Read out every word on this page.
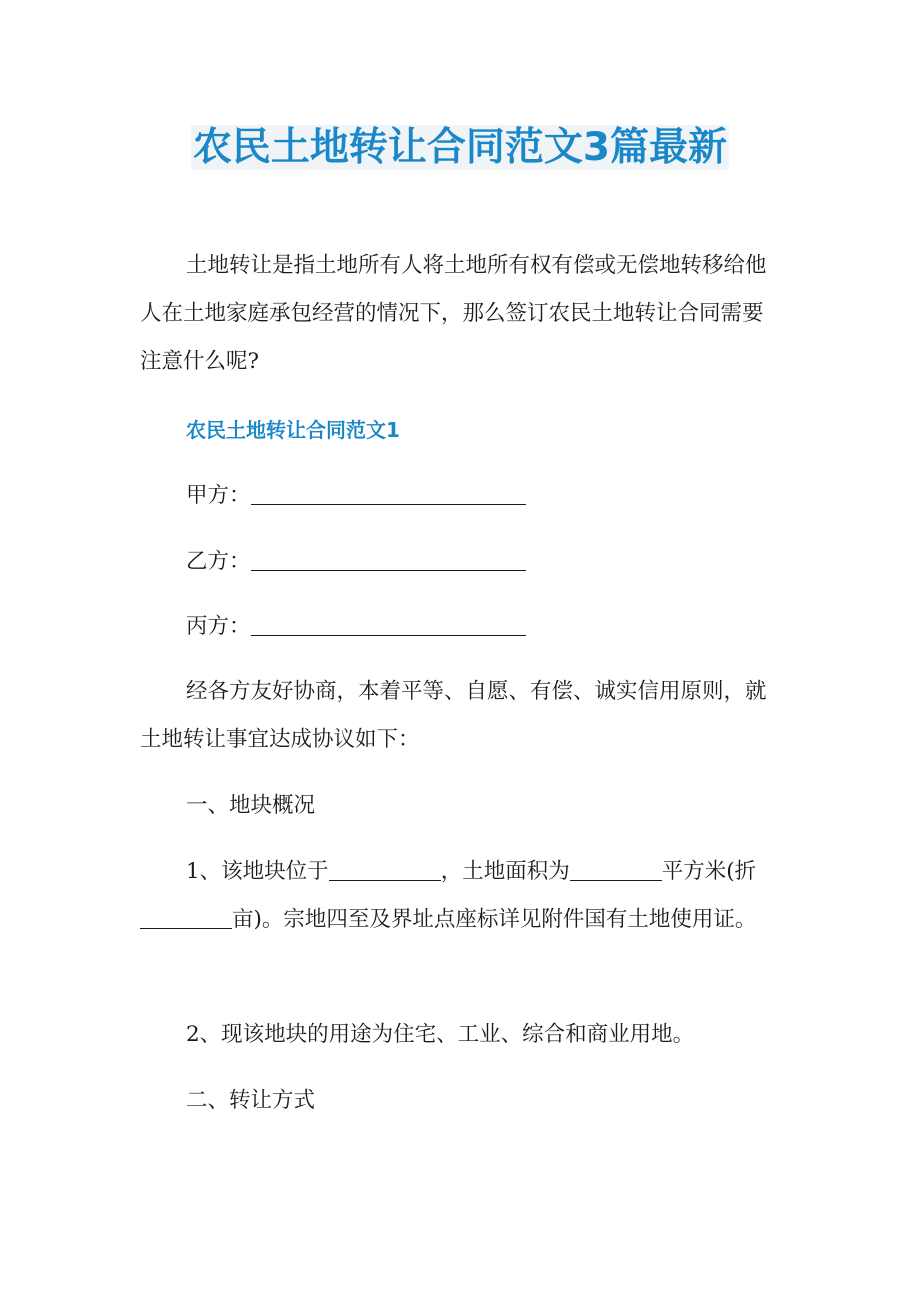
农民土地转让合同范文3篇最新

土地转让是指土地所有人将土地所有权有偿或无偿地转移给他人在土地家庭承包经营的情况下，那么签订农民土地转让合同需要注意什么呢?

农民土地转让合同范文1

甲方：

乙方：

丙方：

经各方友好协商，本着平等、自愿、有偿、诚实信用原则，就土地转让事宜达成协议如下：

一、地块概况

1、该地块位于	，土地面积为	平方米(折亩)。宗地四至及界址点座标详见附件国有土地使用证。

2、现该地块的用途为住宅、工业、综合和商业用地。

二、转让方式
